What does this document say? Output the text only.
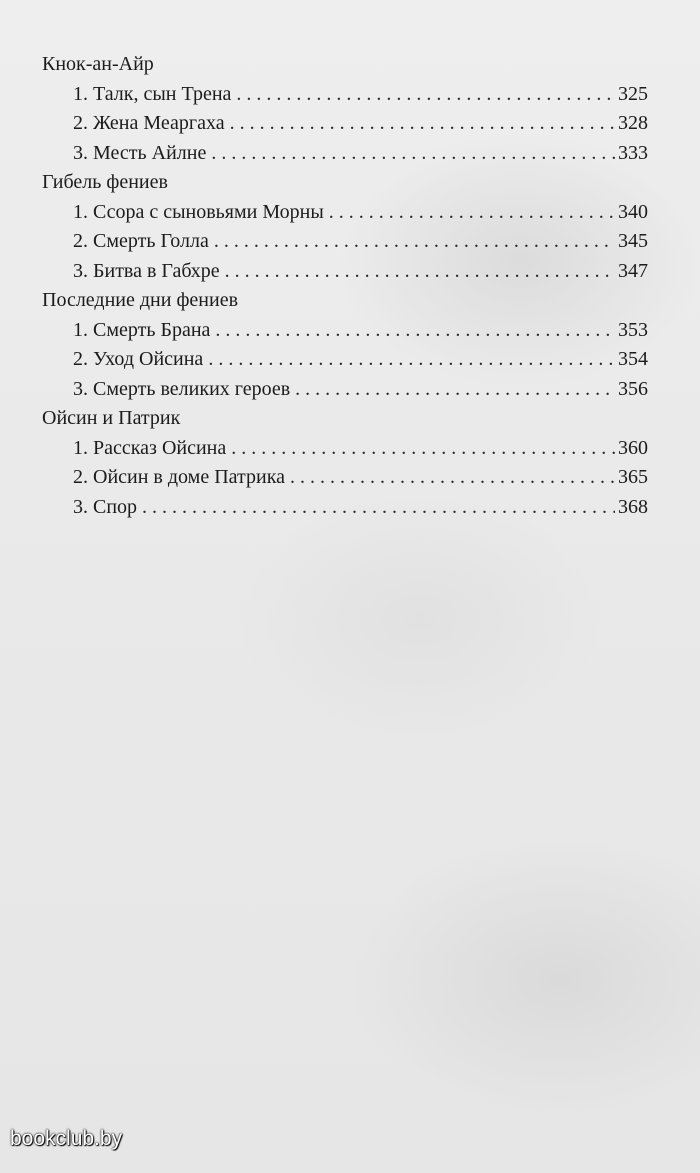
Кнок-ан-Айр
1. Талк, сын Трена . . .	325
2. Жена Меаргаха . . .	328
3. Месть Айлне . . .	333
Гибель фениев
1. Ссора с сыновьями Морны . . .	340
2. Смерть Голла . . .	345
3. Битва в Габхре . . .	347
Последние дни фениев
1. Смерть Брана . . .	353
2. Уход Ойсина . . .	354
3. Смерть великих героев . . .	356
Ойсин и Патрик
1. Рассказ Ойсина . . .	360
2. Ойсин в доме Патрика . . .	365
3. Спор . . .	368
bookclub.by
